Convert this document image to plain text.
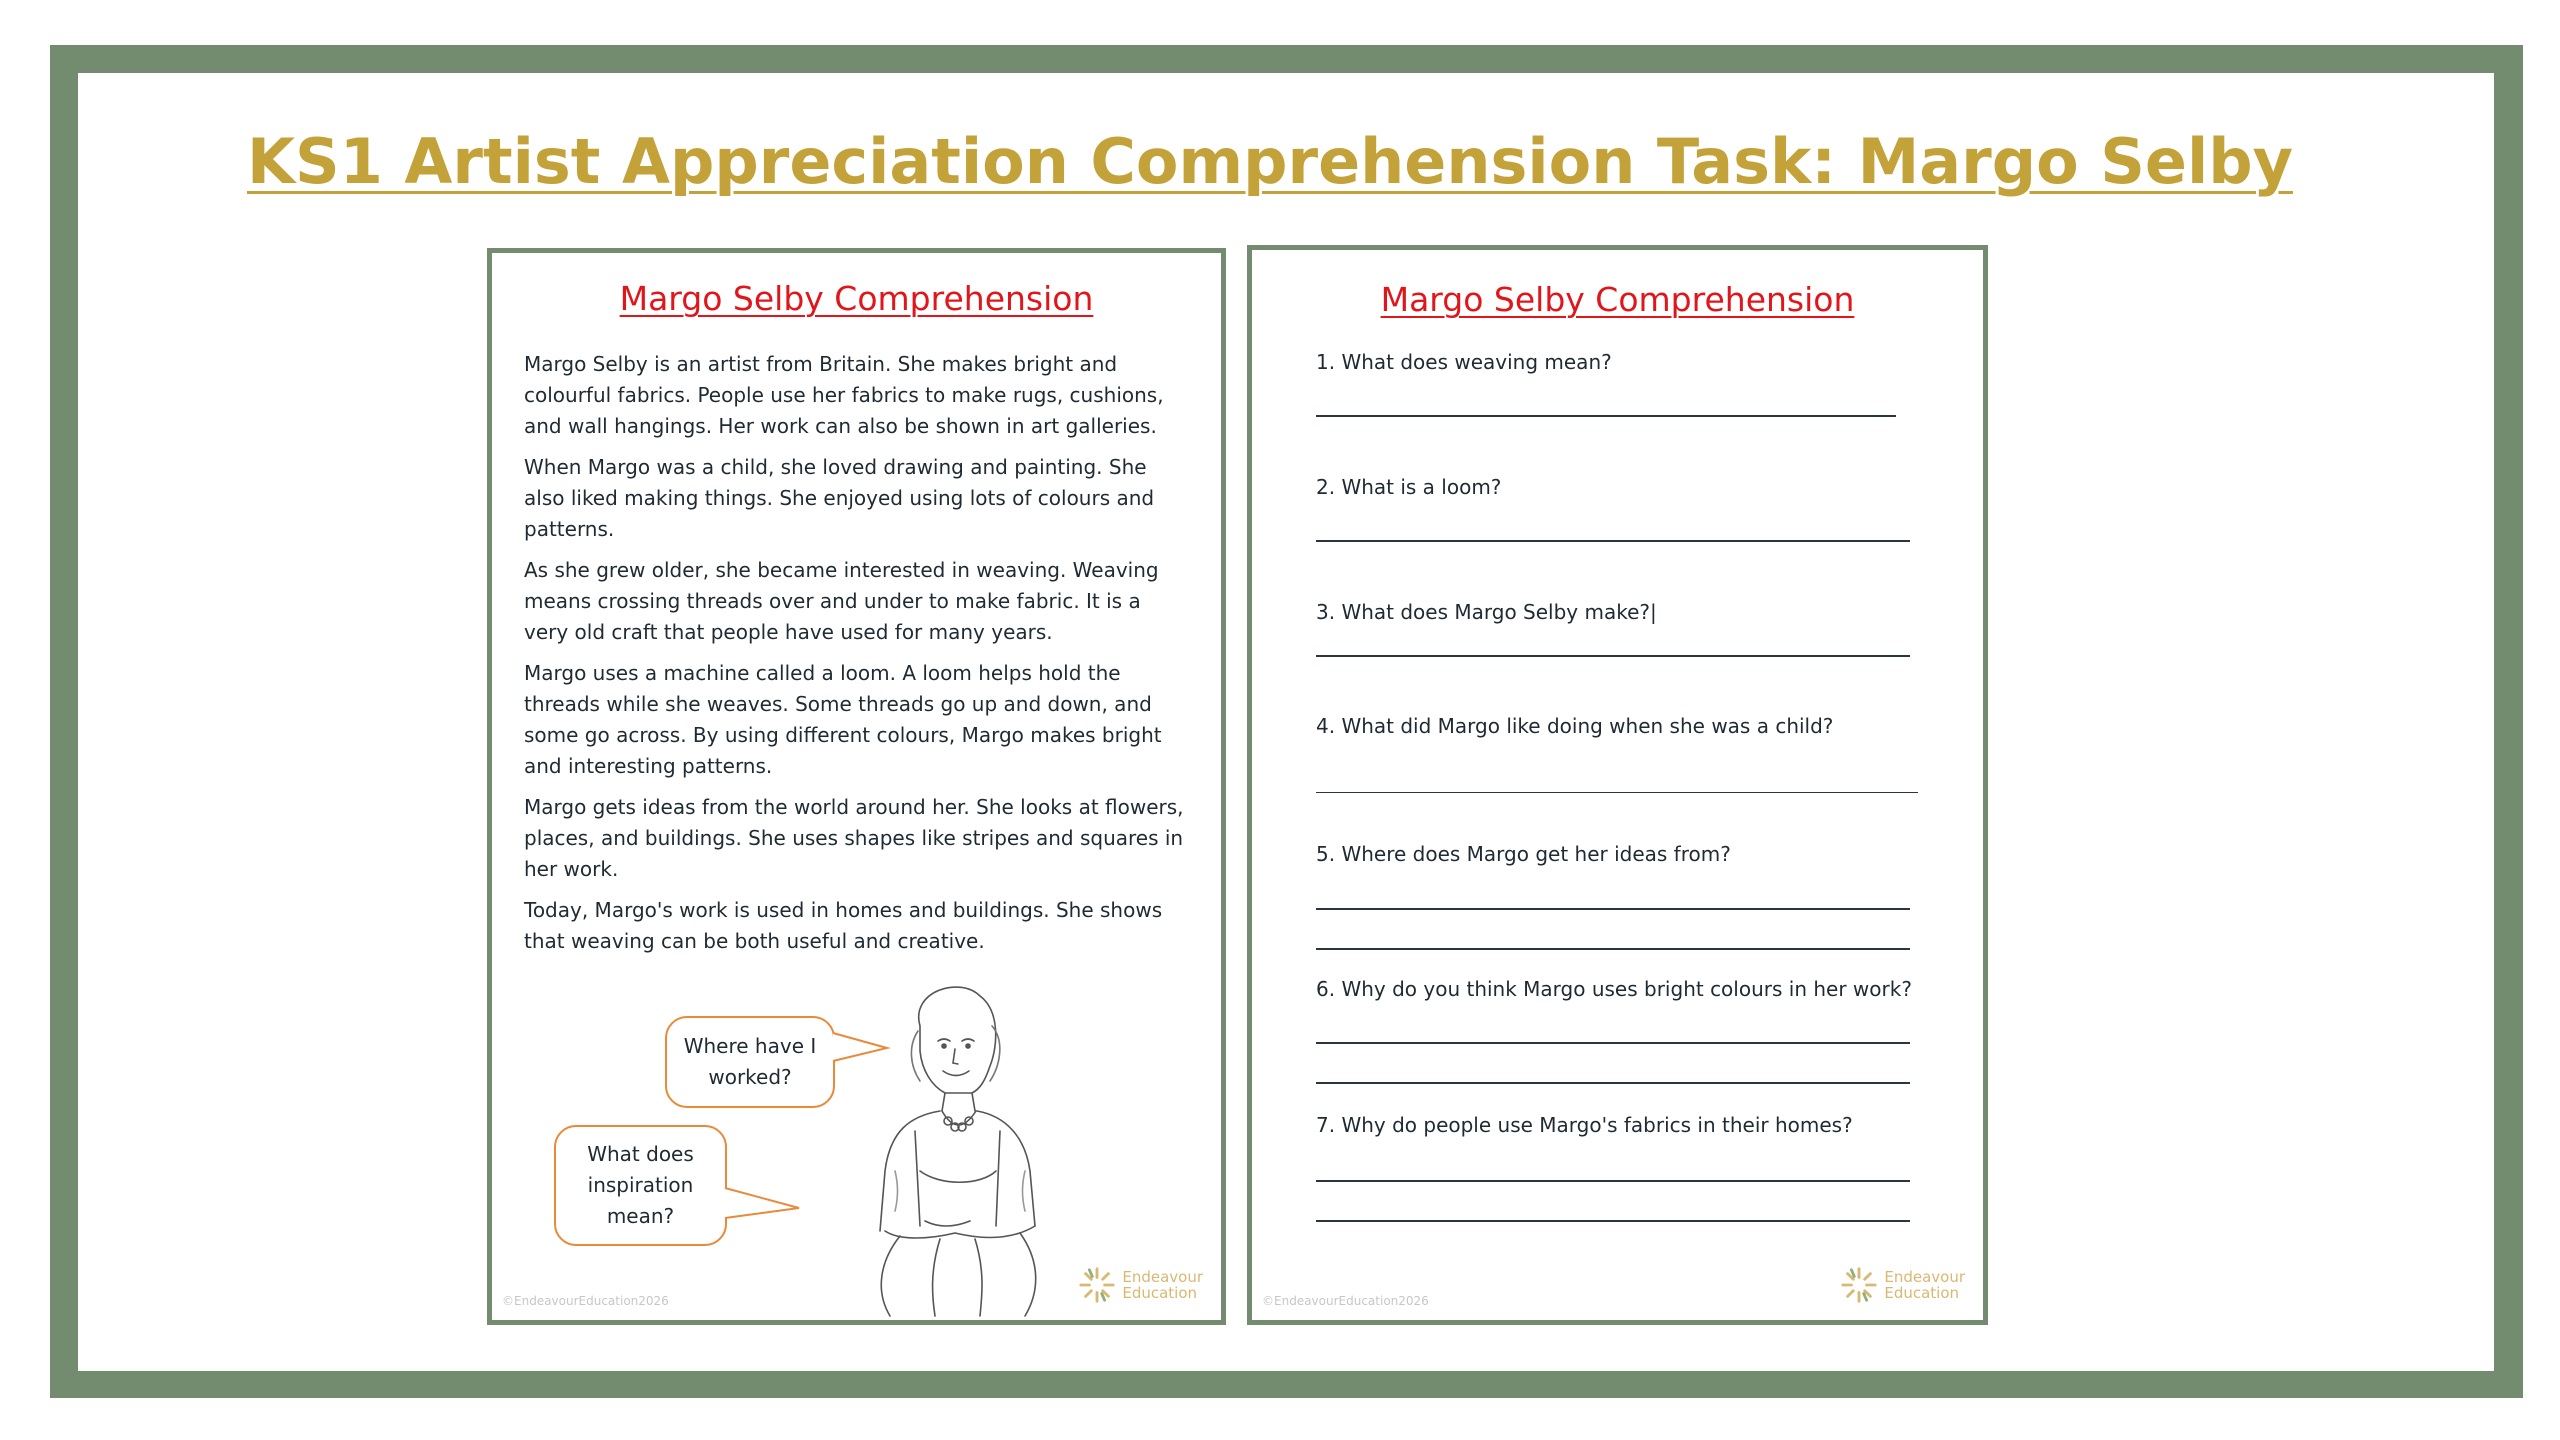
KS1 Artist Appreciation Comprehension Task: Margo Selby
Margo Selby Comprehension

Margo Selby is an artist from Britain. She makes bright and colourful fabrics. People use her fabrics to make rugs, cushions, and wall hangings. Her work can also be shown in art galleries.

When Margo was a child, she loved drawing and painting. She also liked making things. She enjoyed using lots of colours and patterns.

As she grew older, she became interested in weaving. Weaving means crossing threads over and under to make fabric. It is a very old craft that people have used for many years.

Margo uses a machine called a loom. A loom helps hold the threads while she weaves. Some threads go up and down, and some go across. By using different colours, Margo makes bright and interesting patterns.

Margo gets ideas from the world around her. She looks at flowers, places, and buildings. She uses shapes like stripes and squares in her work.

Today, Margo's work is used in homes and buildings. She shows that weaving can be both useful and creative.

Where have I
worked?
What does
inspiration
mean?
©EndeavourEducation2026
Endeavour
Education
Margo Selby Comprehension
1. What does weaving mean?
2. What is a loom?
3. What does Margo Selby make?|
4. What did Margo like doing when she was a child?
5. Where does Margo get her ideas from?
6. Why do you think Margo uses bright colours in her work?
7. Why do people use Margo's fabrics in their homes?
©EndeavourEducation2026
Endeavour
Education
